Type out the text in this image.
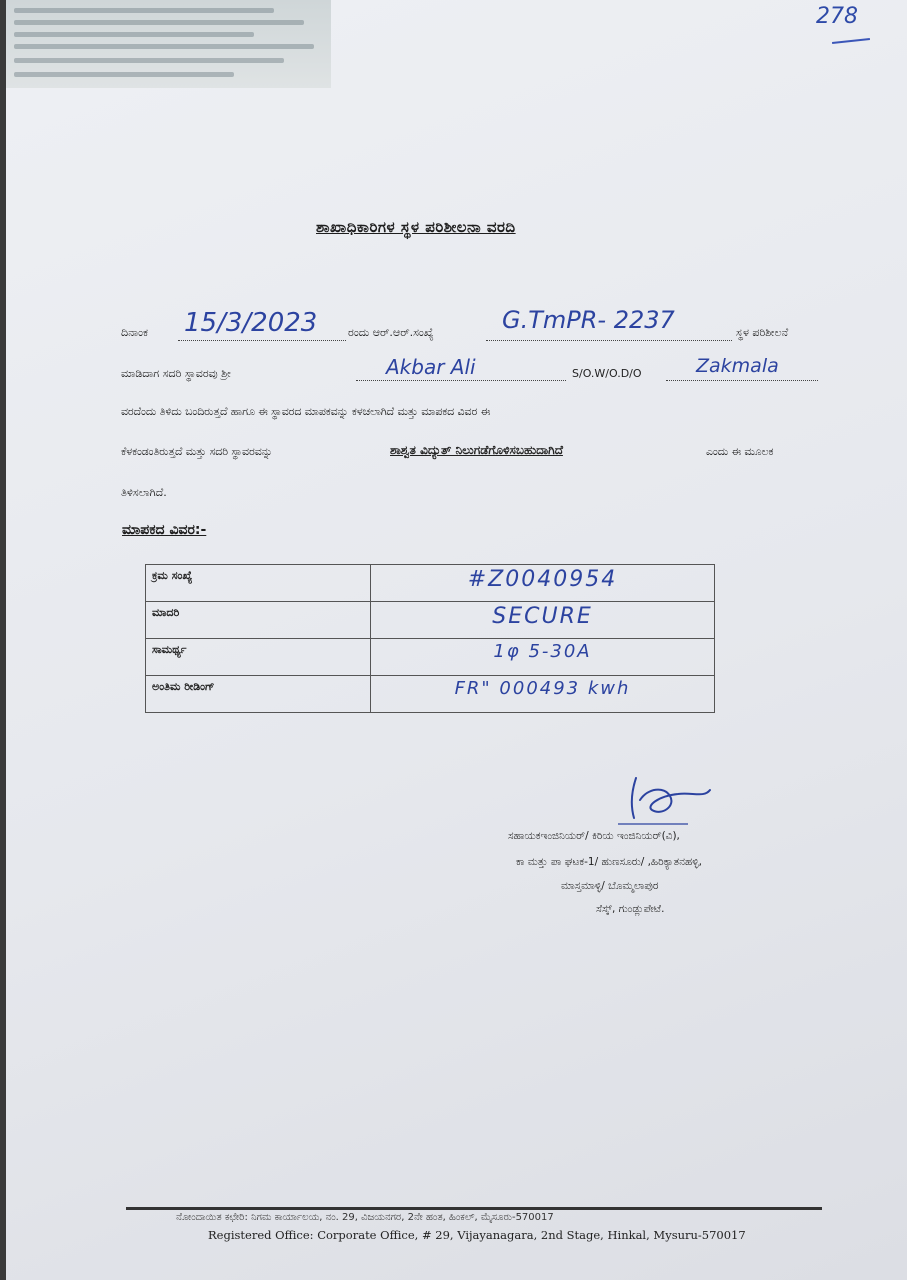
278
ಶಾಖಾಧಿಕಾರಿಗಳ ಸ್ಥಳ ಪರಿಶೀಲನಾ ವರದಿ
ದಿನಾಂಕ 15/3/2023	ರಂದು ಆರ್.ಆರ್.ಸಂಖ್ಯೆ	G.TmPR- 2237	ಸ್ಥಳ ಪರಿಶೀಲನೆ
ಮಾಡಿದಾಗ ಸದರಿ ಸ್ಥಾವರವು ಶ್ರೀ	Akbar Ali	S/O.W/O.D/O	Zakmala
ವರದೆಂದು ತಿಳಿದು ಬಂದಿರುತ್ತದೆ ಹಾಗೂ ಈ ಸ್ಥಾವರದ ಮಾಪಕವನ್ನು ಕಳಚಲಾಗಿದೆ ಮತ್ತು ಮಾಪಕದ ವಿವರ ಈ
ಕೆಳಕಂಡಂತಿರುತ್ತದೆ ಮತ್ತು ಸದರಿ ಸ್ಥಾವರವನ್ನು	ಶಾಶ್ವತ ವಿದ್ಯುತ್ ನಿಲುಗಡೆಗೊಳಿಸಬಹುದಾಗಿದೆ	ಎಂದು ಈ ಮೂಲಕ
ತಿಳಿಸಲಾಗಿದೆ.
ಮಾಪಕದ ವಿವರ:-
ಕ್ರಮ ಸಂಖ್ಯೆ	#Z0040954
ಮಾದರಿ	SECURE
ಸಾಮರ್ಥ್ಯ	1φ 5-30A
ಅಂತಿಮ ರೀಡಿಂಗ್	FR" 000493 kwh
ಸಹಾಯಕಇಂಜಿನಿಯರ್/ ಕಿರಿಯ ಇಂಜಿನಿಯರ್(ವಿ),
ಕಾ ಮತ್ತು ಪಾ ಘಟಕ-1/ ಹುಣಸೂರು/ ,ಹಿರಿಕ್ಯಾತನಹಳ್ಳಿ,
ಮಾಸ್ತಮಾಳ್ಳಿ/ ಬೊಮ್ಮಲಾಪುರ
ಸೆಸ್ಕ್, ಗುಂಡ್ಲುಪೇಟೆ.
ನೋಂದಾಯಿತ ಕಛೇರಿ: ನಿಗಮ ಕಾರ್ಯಾಲಯ, ನಂ. 29, ವಿಜಯನಗರ, 2ನೇ ಹಂತ, ಹಿಂಕಲ್, ಮೈಸೂರು-570017
Registered Office: Corporate Office, # 29, Vijayanagara, 2nd Stage, Hinkal, Mysuru-570017
